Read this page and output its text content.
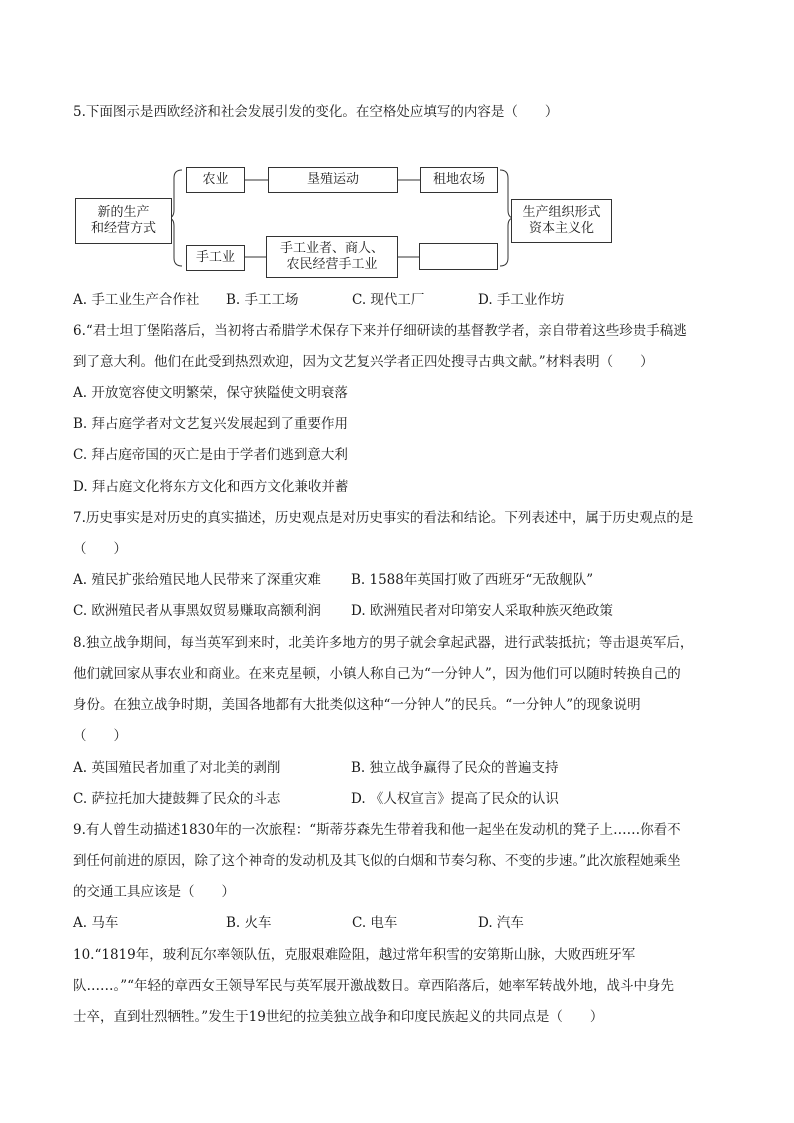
5.下面图示是西欧经济和社会发展引发的变化。在空格处应填写的内容是（　　）
新的生产
和经营方式
农业	垦殖运动	租地农场
手工业
手工业者、商人、
农民经营手工业
生产组织形式
资本主义化
A. 手工业生产合作社 B. 手工工场	C. 现代工厂	D. 手工业作坊
6.“君士坦丁堡陷落后，当初将古希腊学术保存下来并仔细研读的基督教学者，亲自带着这些珍贵手稿逃
到了意大利。他们在此受到热烈欢迎，因为文艺复兴学者正四处搜寻古典文献。”材料表明（　　）
A. 开放宽容使文明繁荣，保守狭隘使文明衰落
B. 拜占庭学者对文艺复兴发展起到了重要作用
C. 拜占庭帝国的灭亡是由于学者们逃到意大利
D. 拜占庭文化将东方文化和西方文化兼收并蓄
7.历史事实是对历史的真实描述，历史观点是对历史事实的看法和结论。下列表述中，属于历史观点的是
（　　）
A. 殖民扩张给殖民地人民带来了深重灾难 B. 1588年英国打败了西班牙“无敌舰队”
C. 欧洲殖民者从事黑奴贸易赚取高额利润 D. 欧洲殖民者对印第安人采取种族灭绝政策
8.独立战争期间，每当英军到来时，北美许多地方的男子就会拿起武器，进行武装抵抗；等击退英军后，
他们就回家从事农业和商业。在来克星顿，小镇人称自己为“一分钟人”，因为他们可以随时转换自己的
身份。在独立战争时期，美国各地都有大批类似这种“一分钟人”的民兵。“一分钟人”的现象说明
（　　）
A. 英国殖民者加重了对北美的剥削	B. 独立战争赢得了民众的普遍支持
C. 萨拉托加大捷鼓舞了民众的斗志	D. 《人权宣言》提高了民众的认识
9.有人曾生动描述1830年的一次旅程：“斯蒂芬森先生带着我和他一起坐在发动机的凳子上……你看不
到任何前进的原因，除了这个神奇的发动机及其飞似的白烟和节奏匀称、不变的步速。”此次旅程她乘坐
的交通工具应该是（　　）
A. 马车	B. 火车	C. 电车	D. 汽车
10.“1819年，玻利瓦尔率领队伍，克服艰难险阻，越过常年积雪的安第斯山脉，大败西班牙军
队……。”“年轻的章西女王领导军民与英军展开激战数日。章西陷落后，她率军转战外地，战斗中身先
士卒，直到壮烈牺牲。”发生于19世纪的拉美独立战争和印度民族起义的共同点是（　　）
